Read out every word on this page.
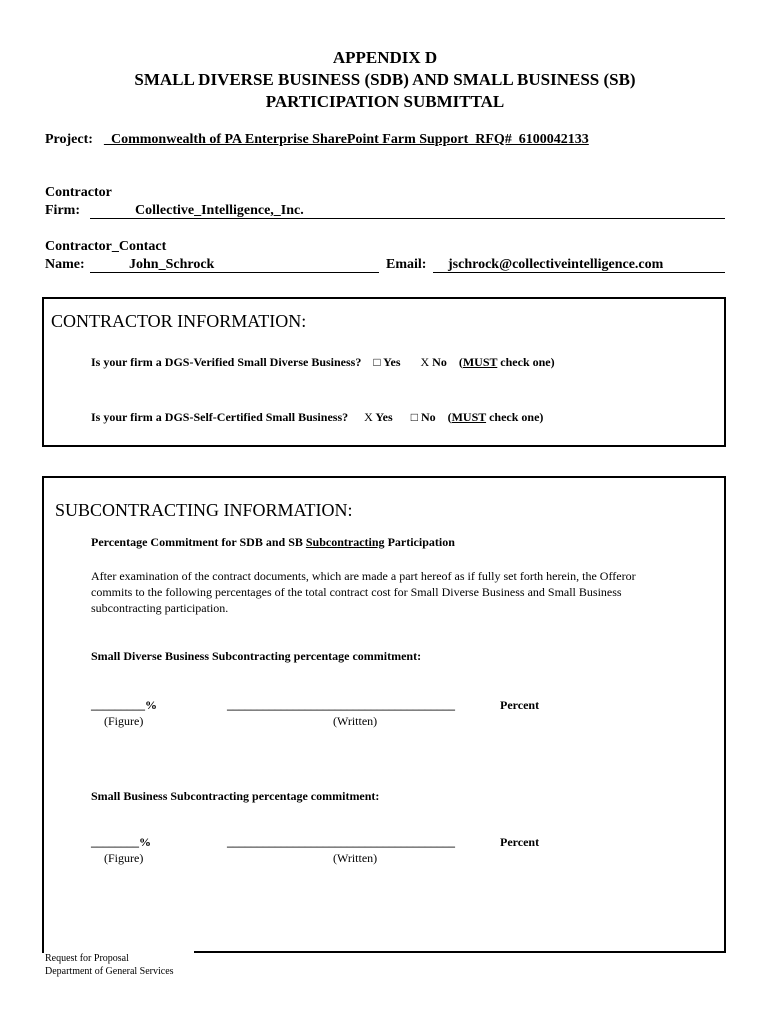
APPENDIX D
SMALL DIVERSE BUSINESS (SDB) AND SMALL BUSINESS (SB)
PARTICIPATION SUBMITTAL
Project: _Commonwealth of PA Enterprise SharePoint Farm Support_RFQ#_6100042133
Contractor
Firm:	Collective_Intelligence,_Inc.
Contractor_Contact
Name:	John_Schrock	Email: jschrock@collectiveintelligence.com
CONTRACTOR INFORMATION:
Is your firm a DGS-Verified Small Diverse Business? □ Yes X No (MUST check one)
Is your firm a DGS-Self-Certified Small Business? X Yes □ No (MUST check one)
SUBCONTRACTING INFORMATION:
Percentage Commitment for SDB and SB Subcontracting Participation
After examination of the contract documents, which are made a part hereof as if fully set forth herein, the Offeror
commits to the following percentages of the total contract cost for Small Diverse Business and Small Business
subcontracting participation.
Small Diverse Business Subcontracting percentage commitment:
_________%	______________________________________	Percent
(Figure)	(Written)
Small Business Subcontracting percentage commitment:
________%	______________________________________	Percent
(Figure)	(Written)
Request for Proposal
Department of General Services
